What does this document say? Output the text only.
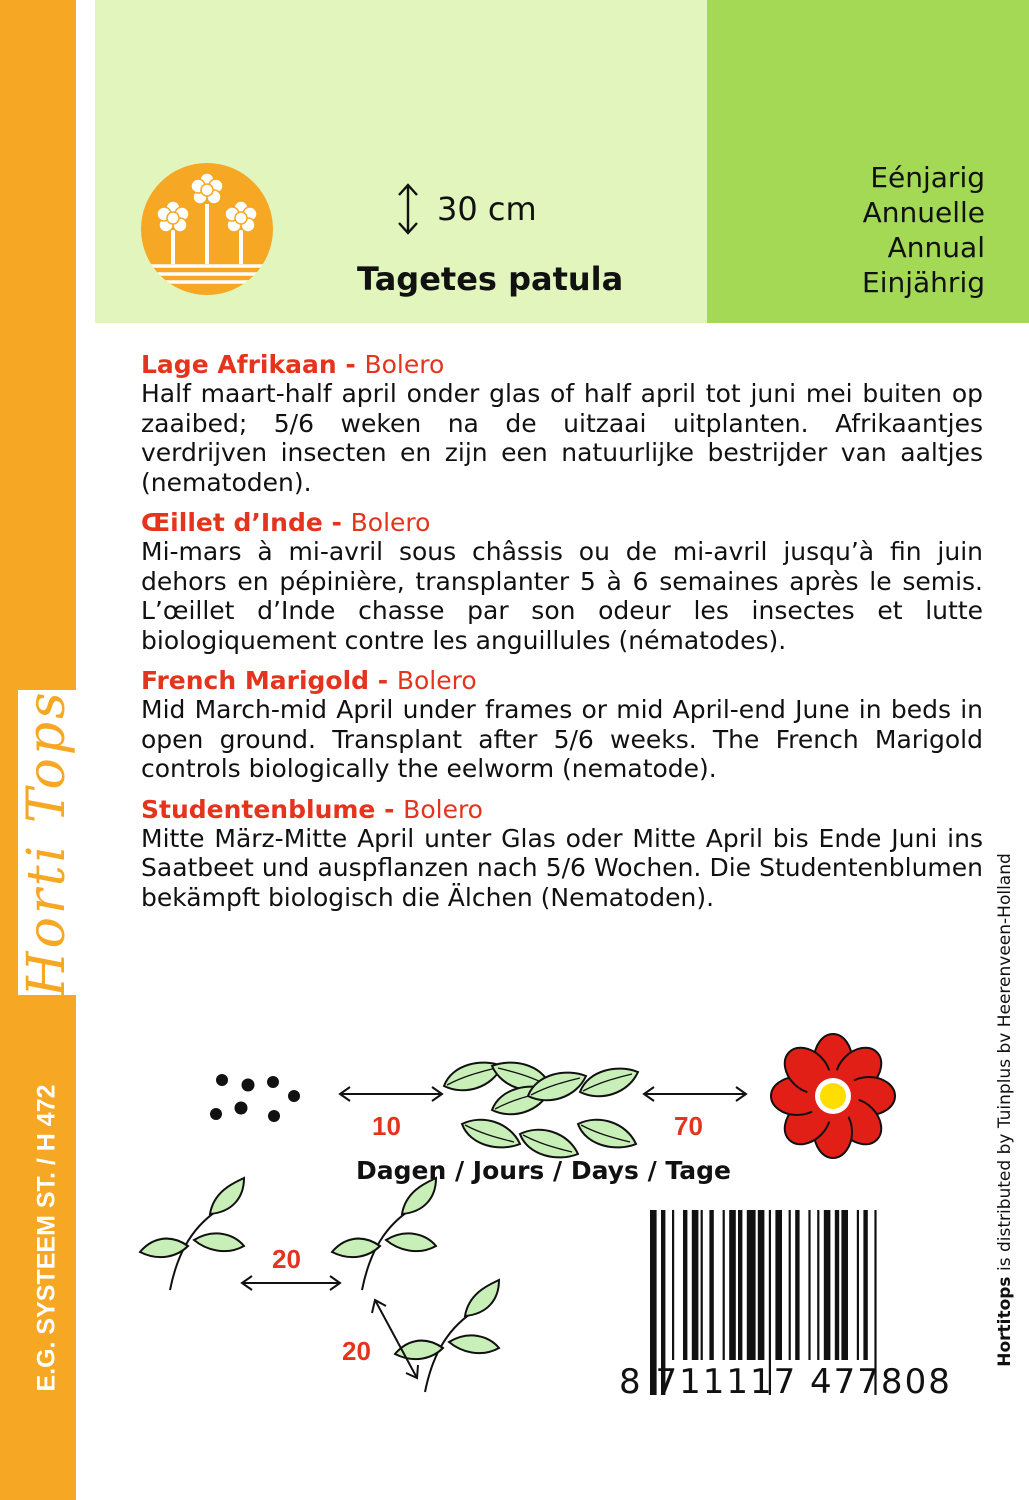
Horti Tops
E.G. SYSTEEM ST. / H 472
30 cm
Tagetes patula
Eénjarig
Annuelle
Annual
Einjährig
Lage Afrikaan - Bolero
Half maart-half april onder glas of half april tot juni mei buiten op zaaibed; 5/6 weken na de uitzaai uitplanten. Afrikaantjes verdrijven insecten en zijn een natuurlijke bestrijder van aaltjes (nematoden).
Œillet d’Inde - Bolero
Mi-mars à mi-avril sous châssis ou de mi-avril jusqu’à fin juin dehors en pépinière, transplanter 5 à 6 semaines après le semis. L’œillet d’Inde chasse par son odeur les insectes et lutte biologiquement contre les anguillules (nématodes).
French Marigold - Bolero
Mid March-mid April under frames or mid April-end June in beds in open ground. Transplant after 5/6 weeks. The French Marigold controls biologically the eelworm (nematode).
Studentenblume - Bolero
Mitte März-Mitte April unter Glas oder Mitte April bis Ende Juni ins Saatbeet und auspflanzen nach 5/6 Wochen. Die Studentenblumen bekämpft biologisch die Älchen (Nematoden).
10	70
20
20
Dagen / Jours / Days / Tage
8 711117 477808
Hortitops is distributed by Tuinplus bv Heerenveen-Holland
